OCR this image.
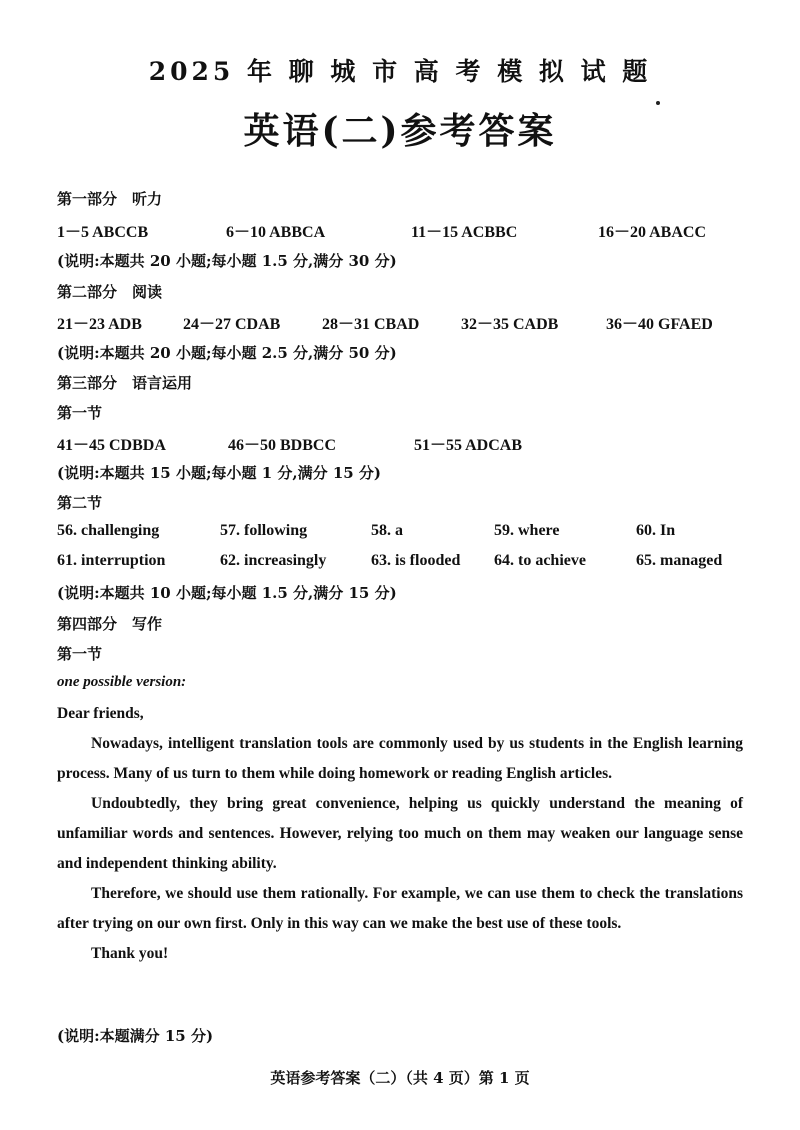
2025 年 聊 城 市 高 考 模 拟 试 题
英语(二)参考答案
第一部分　听力
1－5 ABCCB	6－10 ABBCA	11－15 ACBBC	16－20 ABACC
(说明:本题共 20 小题;每小题 1.5 分,满分 30 分)
第二部分　阅读
21－23 ADB	24－27 CDAB	28－31 CBAD	32－35 CADB	36－40 GFAED
(说明:本题共 20 小题;每小题 2.5 分,满分 50 分)
第三部分　语言运用
第一节
41－45 CDBDA	46－50 BDBCC	51－55 ADCAB
(说明:本题共 15 小题;每小题 1 分,满分 15 分)
第二节
56. challenging	57. following	58. a	59. where	60. In
61. interruption	62. increasingly	63. is flooded 64. to achieve	65. managed
(说明:本题共 10 小题;每小题 1.5 分,满分 15 分)
第四部分　写作
第一节
one possible version:

Dear friends,

Nowadays, intelligent translation tools are commonly used by us students in the English learning process. Many of us turn to them while doing homework or reading English articles.

Undoubtedly, they bring great convenience, helping us quickly understand the meaning of unfamiliar words and sentences. However, relying too much on them may weaken our language sense and independent thinking ability.

Therefore, we should use them rationally. For example, we can use them to check the translations after trying on our own first. Only in this way can we make the best use of these tools.

Thank you!

(说明:本题满分 15 分)
英语参考答案（二）（共 4 页）第 1 页
